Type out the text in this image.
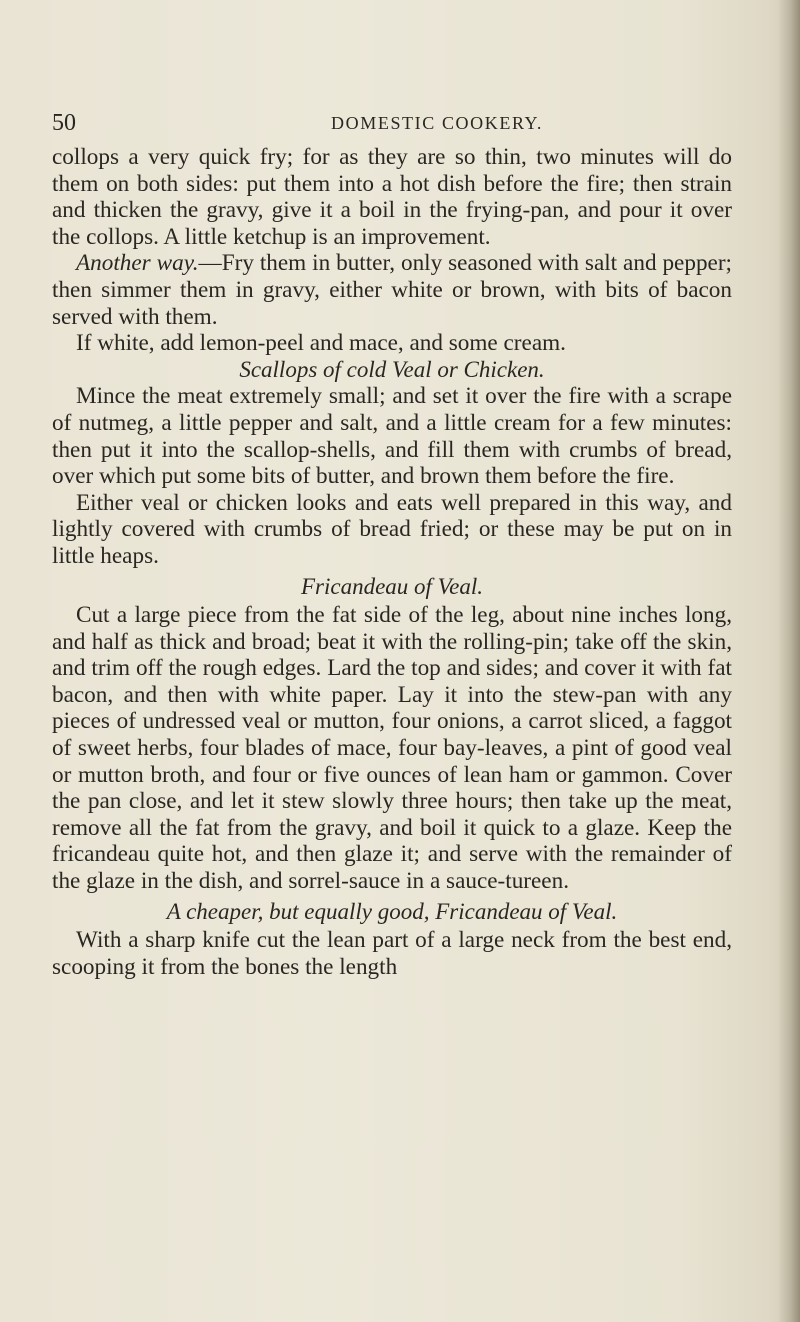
50	DOMESTIC COOKERY.

collops a very quick fry; for as they are so thin, two minutes will do them on both sides: put them into a hot dish before the fire; then strain and thicken the gravy, give it a boil in the frying-pan, and pour it over the collops. A little ketchup is an improvement.

Another way.—Fry them in butter, only seasoned with salt and pepper; then simmer them in gravy, either white or brown, with bits of bacon served with them.

If white, add lemon-peel and mace, and some cream.

Scallops of cold Veal or Chicken.

Mince the meat extremely small; and set it over the fire with a scrape of nutmeg, a little pepper and salt, and a little cream for a few minutes: then put it into the scallop-shells, and fill them with crumbs of bread, over which put some bits of butter, and brown them before the fire.

Either veal or chicken looks and eats well prepared in this way, and lightly covered with crumbs of bread fried; or these may be put on in little heaps.

Fricandeau of Veal.

Cut a large piece from the fat side of the leg, about nine inches long, and half as thick and broad; beat it with the rolling-pin; take off the skin, and trim off the rough edges. Lard the top and sides; and cover it with fat bacon, and then with white paper. Lay it into the stew-pan with any pieces of undressed veal or mutton, four onions, a carrot sliced, a faggot of sweet herbs, four blades of mace, four bay-leaves, a pint of good veal or mutton broth, and four or five ounces of lean ham or gammon. Cover the pan close, and let it stew slowly three hours; then take up the meat, remove all the fat from the gravy, and boil it quick to a glaze. Keep the fricandeau quite hot, and then glaze it; and serve with the remainder of the glaze in the dish, and sorrel-sauce in a sauce-tureen.

A cheaper, but equally good, Fricandeau of Veal.

With a sharp knife cut the lean part of a large neck from the best end, scooping it from the bones the length
